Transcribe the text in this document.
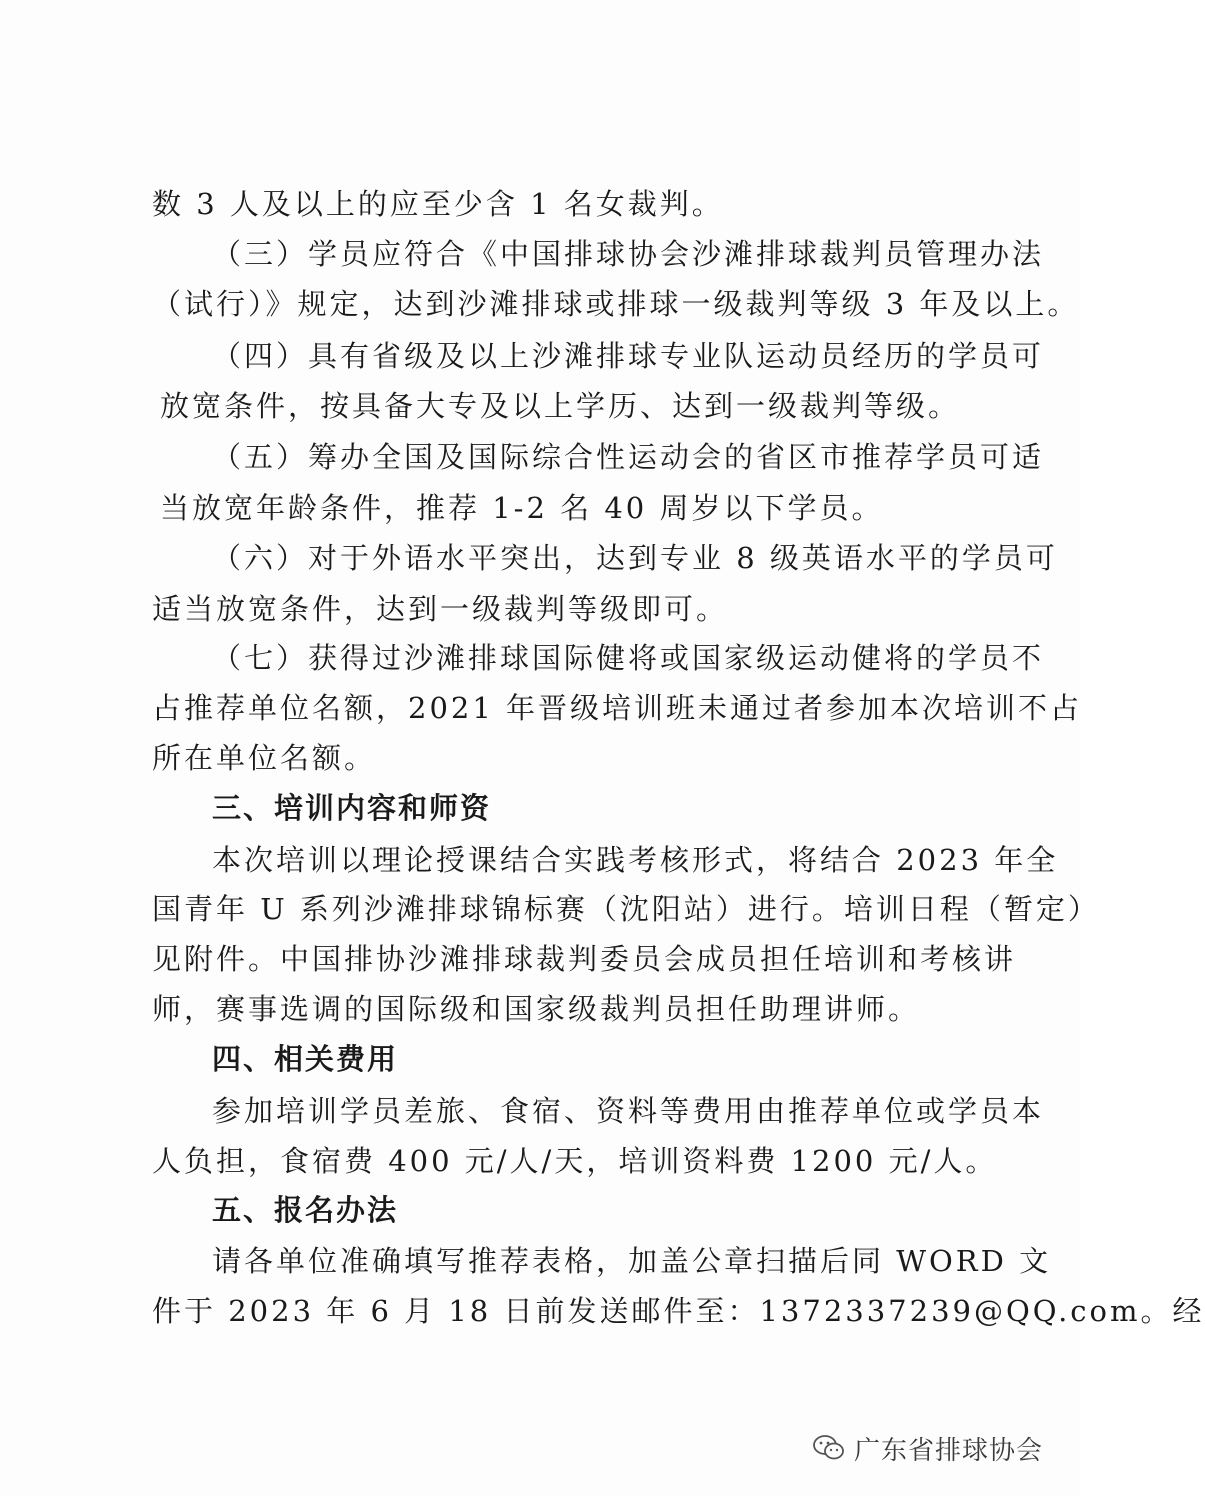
数 3 人及以上的应至少含 1 名女裁判。
（三）学员应符合《中国排球协会沙滩排球裁判员管理办法
（试行）》规定，达到沙滩排球或排球一级裁判等级 3 年及以上。
（四）具有省级及以上沙滩排球专业队运动员经历的学员可
放宽条件，按具备大专及以上学历、达到一级裁判等级。
（五）筹办全国及国际综合性运动会的省区市推荐学员可适
当放宽年龄条件，推荐 1-2 名 40 周岁以下学员。
（六）对于外语水平突出，达到专业 8 级英语水平的学员可
适当放宽条件，达到一级裁判等级即可。
（七）获得过沙滩排球国际健将或国家级运动健将的学员不
占推荐单位名额，2021 年晋级培训班未通过者参加本次培训不占
所在单位名额。
三、培训内容和师资
本次培训以理论授课结合实践考核形式，将结合 2023 年全
国青年 U 系列沙滩排球锦标赛（沈阳站）进行。培训日程（暂定）
见附件。中国排协沙滩排球裁判委员会成员担任培训和考核讲
师，赛事选调的国际级和国家级裁判员担任助理讲师。
四、相关费用
参加培训学员差旅、食宿、资料等费用由推荐单位或学员本
人负担，食宿费 400 元/人/天，培训资料费 1200 元/人。
五、报名办法
请各单位准确填写推荐表格，加盖公章扫描后同 WORD 文
件于 2023 年 6 月 18 日前发送邮件至：1372337239@QQ.com。经
广东省排球协会
